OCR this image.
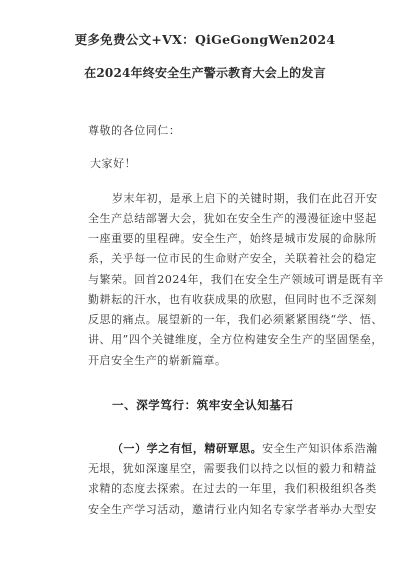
更多免费公文+VX：QiGeGongWen2024
在2024年终安全生产警示教育大会上的发言
尊敬的各位同仁：
大家好！
岁末年初，是承上启下的关键时期，我们在此召开安
全生产总结部署大会，犹如在安全生产的漫漫征途中竖起
一座重要的里程碑。安全生产，始终是城市发展的命脉所
系，关乎每一位市民的生命财产安全，关联着社会的稳定
与繁荣。回首2024年，我们在安全生产领域可谓是既有辛
勤耕耘的汗水，也有收获成果的欣慰，但同时也不乏深刻
反思的痛点。展望新的一年，我们必须紧紧围绕“学、悟、
讲、用”四个关键维度，全方位构建安全生产的坚固堡垒，
开启安全生产的崭新篇章。
一、深学笃行：筑牢安全认知基石
（一）学之有恒，精研覃思。安全生产知识体系浩瀚
无垠，犹如深邃星空，需要我们以持之以恒的毅力和精益
求精的态度去探索。在过去的一年里，我们积极组织各类
安全生产学习活动，邀请行业内知名专家学者举办大型安
